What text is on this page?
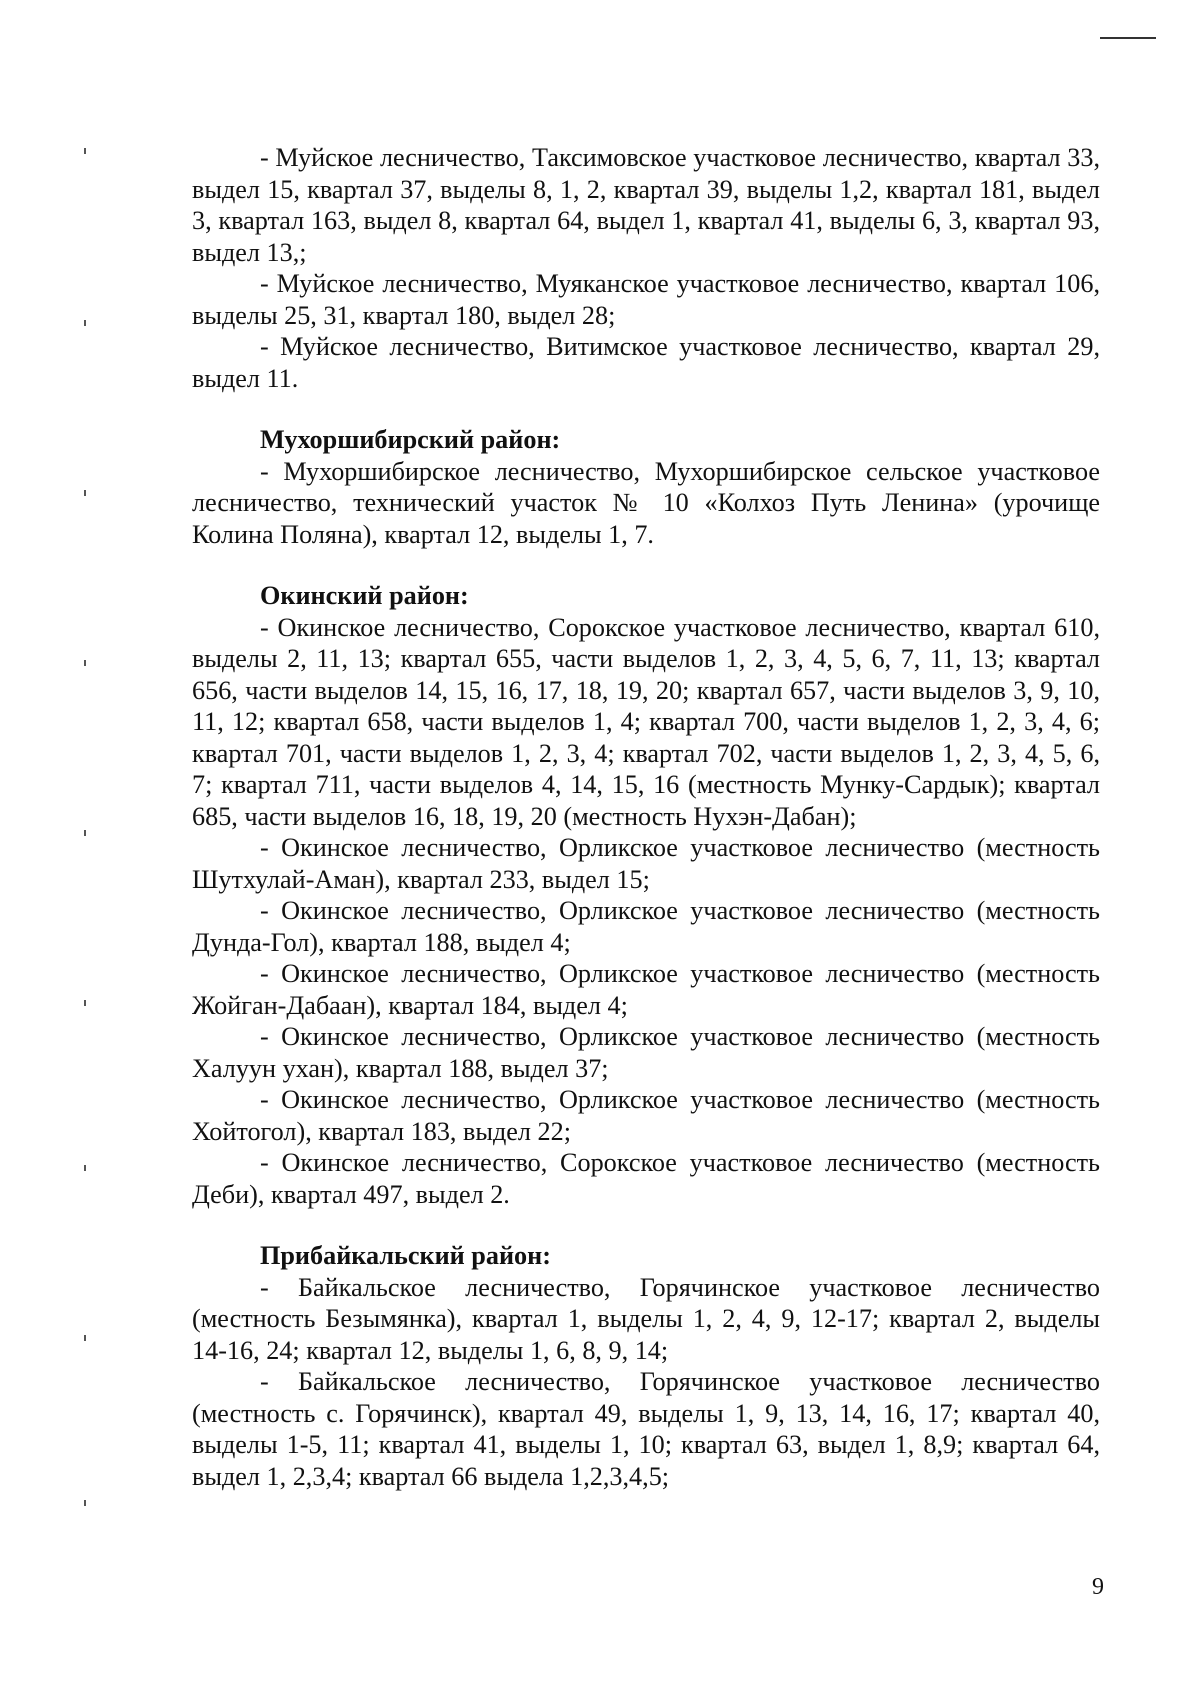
- Муйское лесничество, Таксимовское участковое лесничество, квартал 33, выдел 15, квартал 37, выделы 8, 1, 2, квартал 39, выделы 1,2, квартал 181, выдел 3, квартал 163, выдел 8, квартал 64, выдел 1, квартал 41, выделы 6, 3, квартал 93, выдел 13,;

- Муйское лесничество, Муяканское участковое лесничество, квартал 106, выделы 25, 31, квартал 180, выдел 28;

- Муйское лесничество, Витимское участковое лесничество, квартал 29, выдел 11.

Мухоршибирский район:

- Мухоршибирское лесничество, Мухоршибирское сельское участковое лесничество, технический участок № 10 «Колхоз Путь Ленина» (урочище Колина Поляна), квартал 12, выделы 1, 7.

Окинский район:

- Окинское лесничество, Сорокское участковое лесничество, квартал 610, выделы 2, 11, 13; квартал 655, части выделов 1, 2, 3, 4, 5, 6, 7, 11, 13; квартал 656, части выделов 14, 15, 16, 17, 18, 19, 20; квартал 657, части выделов 3, 9, 10, 11, 12; квартал 658, части выделов 1, 4; квартал 700, части выделов 1, 2, 3, 4, 6; квартал 701, части выделов 1, 2, 3, 4; квартал 702, части выделов 1, 2, 3, 4, 5, 6, 7; квартал 711, части выделов 4, 14, 15, 16 (местность Мунку-Сардык); квартал 685, части выделов 16, 18, 19, 20 (местность Нухэн-Дабан);

- Окинское лесничество, Орликское участковое лесничество (местность Шутхулай-Аман), квартал 233, выдел 15;

- Окинское лесничество, Орликское участковое лесничество (местность Дунда-Гол), квартал 188, выдел 4;

- Окинское лесничество, Орликское участковое лесничество (местность Жойган-Дабаан), квартал 184, выдел 4;

- Окинское лесничество, Орликское участковое лесничество (местность Халуун ухан), квартал 188, выдел 37;

- Окинское лесничество, Орликское участковое лесничество (местность Хойтогол), квартал 183, выдел 22;

- Окинское лесничество, Сорокское участковое лесничество (местность Деби), квартал 497, выдел 2.

Прибайкальский район:

- Байкальское лесничество, Горячинское участковое лесничество (местность Безымянка), квартал 1, выделы 1, 2, 4, 9, 12-17; квартал 2, выделы 14-16, 24; квартал 12, выделы 1, 6, 8, 9, 14;

- Байкальское лесничество, Горячинское участковое лесничество (местность с. Горячинск), квартал 49, выделы 1, 9, 13, 14, 16, 17; квартал 40, выделы 1-5, 11; квартал 41, выделы 1, 10; квартал 63, выдел 1, 8,9; квартал 64, выдел 1, 2,3,4; квартал 66 выдела 1,2,3,4,5;

9
